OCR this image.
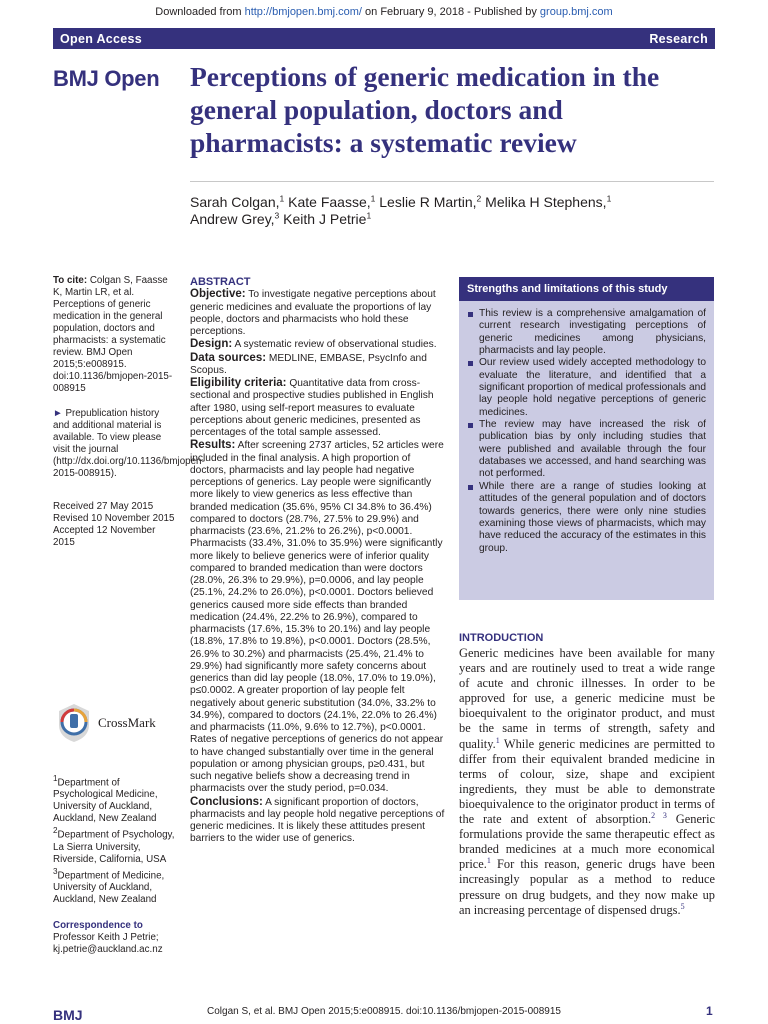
Downloaded from http://bmjopen.bmj.com/ on February 9, 2018 - Published by group.bmj.com
Open Access	Research
BMJ Open Perceptions of generic medication in the general population, doctors and pharmacists: a systematic review
Sarah Colgan,$^1$ Kate Faasse,$^1$ Leslie R Martin,$^2$ Melika H Stephens,$^1$
Andrew Grey,$^3$ Keith J Petrie$^1$
To cite: Colgan S, Faasse K, Martin LR, et al. Perceptions of generic medication in the general population, doctors and pharmacists: a systematic review. BMJ Open 2015;5:e008915. doi:10.1136/bmjopen-2015-008915
► Prepublication history and additional material is available. To view please visit the journal (http://dx.doi.org/10.1136/bmjopen-2015-008915).
Received 27 May 2015
Revised 10 November 2015
Accepted 12 November 2015
CrossMark
$^1$Department of Psychological Medicine, University of Auckland, Auckland, New Zealand
$^2$Department of Psychology, La Sierra University, Riverside, California, USA
$^3$Department of Medicine, University of Auckland, Auckland, New Zealand
Correspondence to
Professor Keith J Petrie;
kj.petrie@auckland.ac.nz
ABSTRACT

Objective: To investigate negative perceptions about generic medicines and evaluate the proportions of lay people, doctors and pharmacists who hold these perceptions.

Design: A systematic review of observational studies.

Data sources: MEDLINE, EMBASE, PsycInfo and Scopus.

Eligibility criteria: Quantitative data from cross-sectional and prospective studies published in English after 1980, using self-report measures to evaluate perceptions about generic medicines, presented as percentages of the total sample assessed.

Results: After screening 2737 articles, 52 articles were included in the final analysis. A high proportion of doctors, pharmacists and lay people had negative perceptions of generics. Lay people were significantly more likely to view generics as less effective than branded medication (35.6%, 95% CI 34.8% to 36.4%) compared to doctors (28.7%, 27.5% to 29.9%) and pharmacists (23.6%, 21.2% to 26.2%), p<0.0001. Pharmacists (33.4%, 31.0% to 35.9%) were significantly more likely to believe generics were of inferior quality compared to branded medication than were doctors (28.0%, 26.3% to 29.9%), p=0.0006, and lay people (25.1%, 24.2% to 26.0%), p<0.0001. Doctors believed generics caused more side effects than branded medication (24.4%, 22.2% to 26.9%), compared to pharmacists (17.6%, 15.3% to 20.1%) and lay people (18.8%, 17.8% to 19.8%), p<0.0001. Doctors (28.5%, 26.9% to 30.2%) and pharmacists (25.4%, 21.4% to 29.9%) had significantly more safety concerns about generics than did lay people (18.0%, 17.0% to 19.0%), p≤0.0002. A greater proportion of lay people felt negatively about generic substitution (34.0%, 33.2% to 34.9%), compared to doctors (24.1%, 22.0% to 26.4%) and pharmacists (11.0%, 9.6% to 12.7%), p<0.0001. Rates of negative perceptions of generics do not appear to have changed substantially over time in the general population or among physician groups, p≥0.431, but such negative beliefs show a decreasing trend in pharmacists over the study period, p=0.034.

Conclusions: A significant proportion of doctors, pharmacists and lay people hold negative perceptions of generic medicines. It is likely these attitudes present barriers to the wider use of generics.

Strengths and limitations of this study
This review is a comprehensive amalgamation of current research investigating perceptions of generic medicines among physicians, pharmacists and lay people.
Our review used widely accepted methodology to evaluate the literature, and identified that a significant proportion of medical professionals and lay people hold negative perceptions of generic medicines.
The review may have increased the risk of publication bias by only including studies that were published and available through the four databases we accessed, and hand searching was not performed.
While there are a range of studies looking at attitudes of the general population and of doctors towards generics, there were only nine studies examining those views of pharmacists, which may have reduced the accuracy of the estimates in this group.
INTRODUCTION
Generic medicines have been available for many years and are routinely used to treat a wide range of acute and chronic illnesses. In order to be approved for use, a generic medicine must be bioequivalent to the originator product, and must be the same in terms of strength, safety and quality.$^1$ While generic medicines are permitted to differ from their equivalent branded medicine in terms of colour, size, shape and excipient ingredients, they must be able to demonstrate bioequivalence to the originator product in terms of the rate and extent of absorption.$^{2 3}$ Generic formulations provide the same therapeutic effect as branded medicines at a much more economical price.$^1$ For this reason, generic drugs have been increasingly popular as a method to reduce pressure on drug budgets, and they now make up an increasing percentage of dispensed drugs.$^5$
BMJ	Colgan S, et al. BMJ Open 2015;5:e008915. doi:10.1136/bmjopen-2015-008915	1
